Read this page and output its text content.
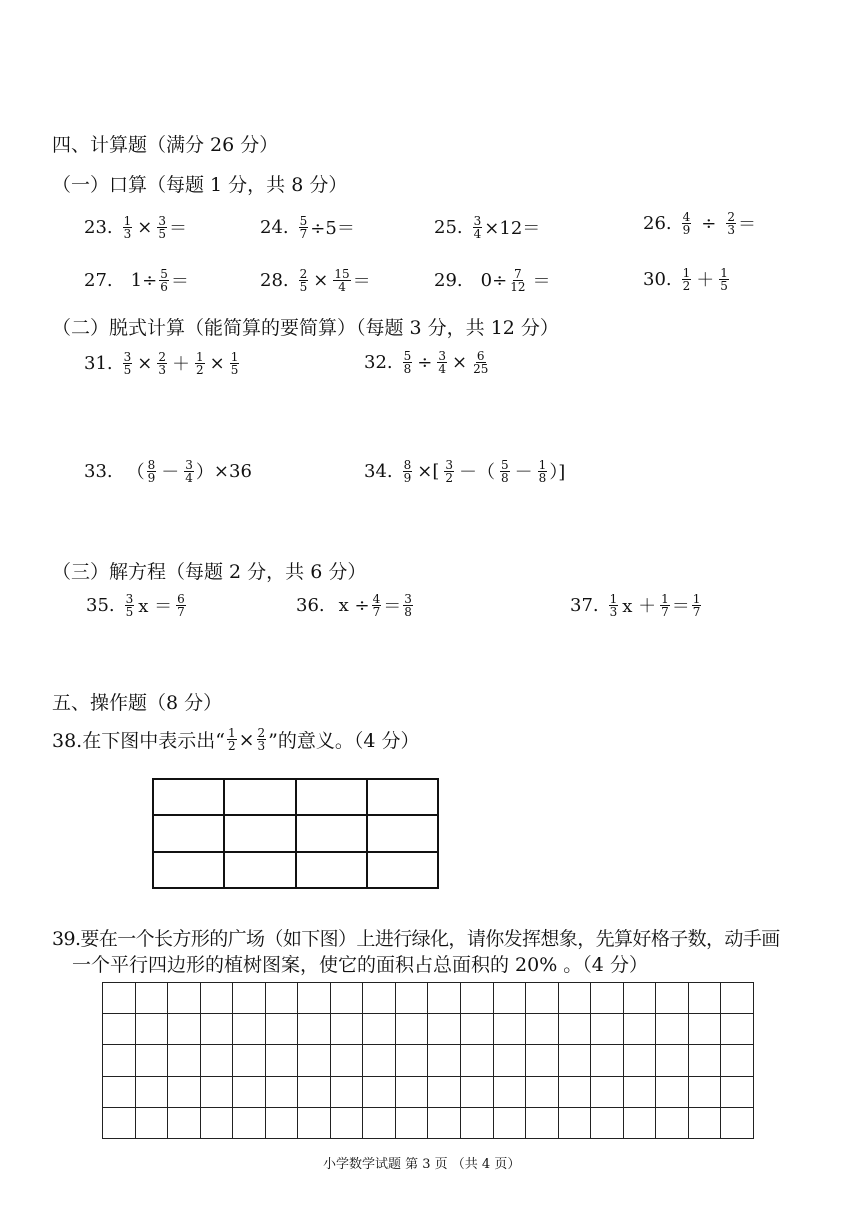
四、计算题（满分 26 分）
（一）口算（每题 1 分，共 8 分）
23. $\frac{1}{3} \times \frac{3}{5}$ ＝	24. $\frac{5}{7} \div 5=$	25. $\frac{3}{4} \times 12=$	26. $\frac{4}{9} \div \frac{2}{3}$ ＝
27. $1\div \frac{5}{6}$ ＝	28. $\frac{2}{5} \times \frac{15}{4}$ ＝	29. $0\div \frac{7}{12}$ ＝	30. $\frac{1}{2} + \frac{1}{5}$
（二）脱式计算（能简算的要简算）（每题 3 分，共 12 分）
31. $\frac{3}{5} \times \frac{2}{3} + \frac{1}{2} \times \frac{1}{5}$	32. $\frac{5}{8} \div \frac{3}{4} \times \frac{6}{25}$
33. （ $\frac{8}{9} - \frac{3}{4}$ ） ×36	34. $\frac{8}{9}$ ×[ $\frac{3}{2}$ －（ $\frac{5}{8} - \frac{1}{8}$ ）]
（三）解方程（每题 2 分，共 6 分）
35. $\frac{3}{5}$ $x = \frac{6}{7}$	36. $x \div \frac{4}{7} = \frac{3}{8}$	37. $\frac{1}{3}$ $x + \frac{1}{7} = \frac{1}{7}$
五、操作题（8 分）
38.在下图中表示出“ $\frac{1}{2} \times \frac{2}{3}$ ”的意义。（4 分）

39.要在一个长方形的广场（如下图）上进行绿化，请你发挥想象，先算好格子数，动手画
一个平行四边形的植树图案，使它的面积占总面积的 20% 。（4 分）

小学数学试题 第 3 页 （共 4 页）
